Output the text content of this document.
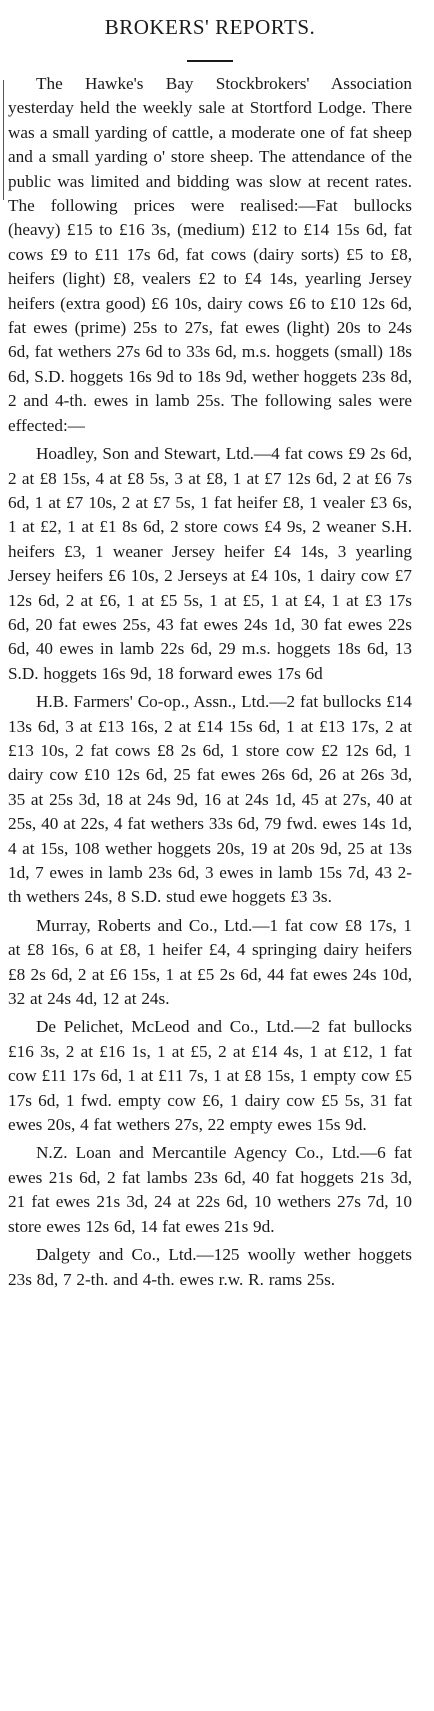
BROKERS' REPORTS.

The Hawke's Bay Stockbrokers' Association yesterday held the weekly sale at Stortford Lodge. There was a small yarding of cattle, a moderate one of fat sheep and a small yarding o' store sheep. The attendance of the public was limited and bidding was slow at recent rates. The following prices were realised:—Fat bullocks (heavy) £15 to £16 3s, (medium) £12 to £14 15s 6d, fat cows £9 to £11 17s 6d, fat cows (dairy sorts) £5 to £8, heifers (light) £8, vealers £2 to £4 14s, yearling Jersey heifers (extra good) £6 10s, dairy cows £6 to £10 12s 6d, fat ewes (prime) 25s to 27s, fat ewes (light) 20s to 24s 6d, fat wethers 27s 6d to 33s 6d, m.s. hoggets (small) 18s 6d, S.D. hoggets 16s 9d to 18s 9d, wether hoggets 23s 8d, 2 and 4-th. ewes in lamb 25s. The following sales were effected:—

Hoadley, Son and Stewart, Ltd.—4 fat cows £9 2s 6d, 2 at £8 15s, 4 at £8 5s, 3 at £8, 1 at £7 12s 6d, 2 at £6 7s 6d, 1 at £7 10s, 2 at £7 5s, 1 fat heifer £8, 1 vealer £3 6s, 1 at £2, 1 at £1 8s 6d, 2 store cows £4 9s, 2 weaner S.H. heifers £3, 1 weaner Jersey heifer £4 14s, 3 yearling Jersey heifers £6 10s, 2 Jerseys at £4 10s, 1 dairy cow £7 12s 6d, 2 at £6, 1 at £5 5s, 1 at £5, 1 at £4, 1 at £3 17s 6d, 20 fat ewes 25s, 43 fat ewes 24s 1d, 30 fat ewes 22s 6d, 40 ewes in lamb 22s 6d, 29 m.s. hoggets 18s 6d, 13 S.D. hoggets 16s 9d, 18 forward ewes 17s 6d

H.B. Farmers' Co-op., Assn., Ltd.—2 fat bullocks £14 13s 6d, 3 at £13 16s, 2 at £14 15s 6d, 1 at £13 17s, 2 at £13 10s, 2 fat cows £8 2s 6d, 1 store cow £2 12s 6d, 1 dairy cow £10 12s 6d, 25 fat ewes 26s 6d, 26 at 26s 3d, 35 at 25s 3d, 18 at 24s 9d, 16 at 24s 1d, 45 at 27s, 40 at 25s, 40 at 22s, 4 fat wethers 33s 6d, 79 fwd. ewes 14s 1d, 4 at 15s, 108 wether hoggets 20s, 19 at 20s 9d, 25 at 13s 1d, 7 ewes in lamb 23s 6d, 3 ewes in lamb 15s 7d, 43 2-th wethers 24s, 8 S.D. stud ewe hoggets £3 3s.

Murray, Roberts and Co., Ltd.—1 fat cow £8 17s, 1 at £8 16s, 6 at £8, 1 heifer £4, 4 springing dairy heifers £8 2s 6d, 2 at £6 15s, 1 at £5 2s 6d, 44 fat ewes 24s 10d, 32 at 24s 4d, 12 at 24s.

De Pelichet, McLeod and Co., Ltd.—2 fat bullocks £16 3s, 2 at £16 1s, 1 at £5, 2 at £14 4s, 1 at £12, 1 fat cow £11 17s 6d, 1 at £11 7s, 1 at £8 15s, 1 empty cow £5 17s 6d, 1 fwd. empty cow £6, 1 dairy cow £5 5s, 31 fat ewes 20s, 4 fat wethers 27s, 22 empty ewes 15s 9d.

N.Z. Loan and Mercantile Agency Co., Ltd.—6 fat ewes 21s 6d, 2 fat lambs 23s 6d, 40 fat hoggets 21s 3d, 21 fat ewes 21s 3d, 24 at 22s 6d, 10 wethers 27s 7d, 10 store ewes 12s 6d, 14 fat ewes 21s 9d.

Dalgety and Co., Ltd.—125 woolly wether hoggets 23s 8d, 7 2-th. and 4-th. ewes r.w. R. rams 25s.
